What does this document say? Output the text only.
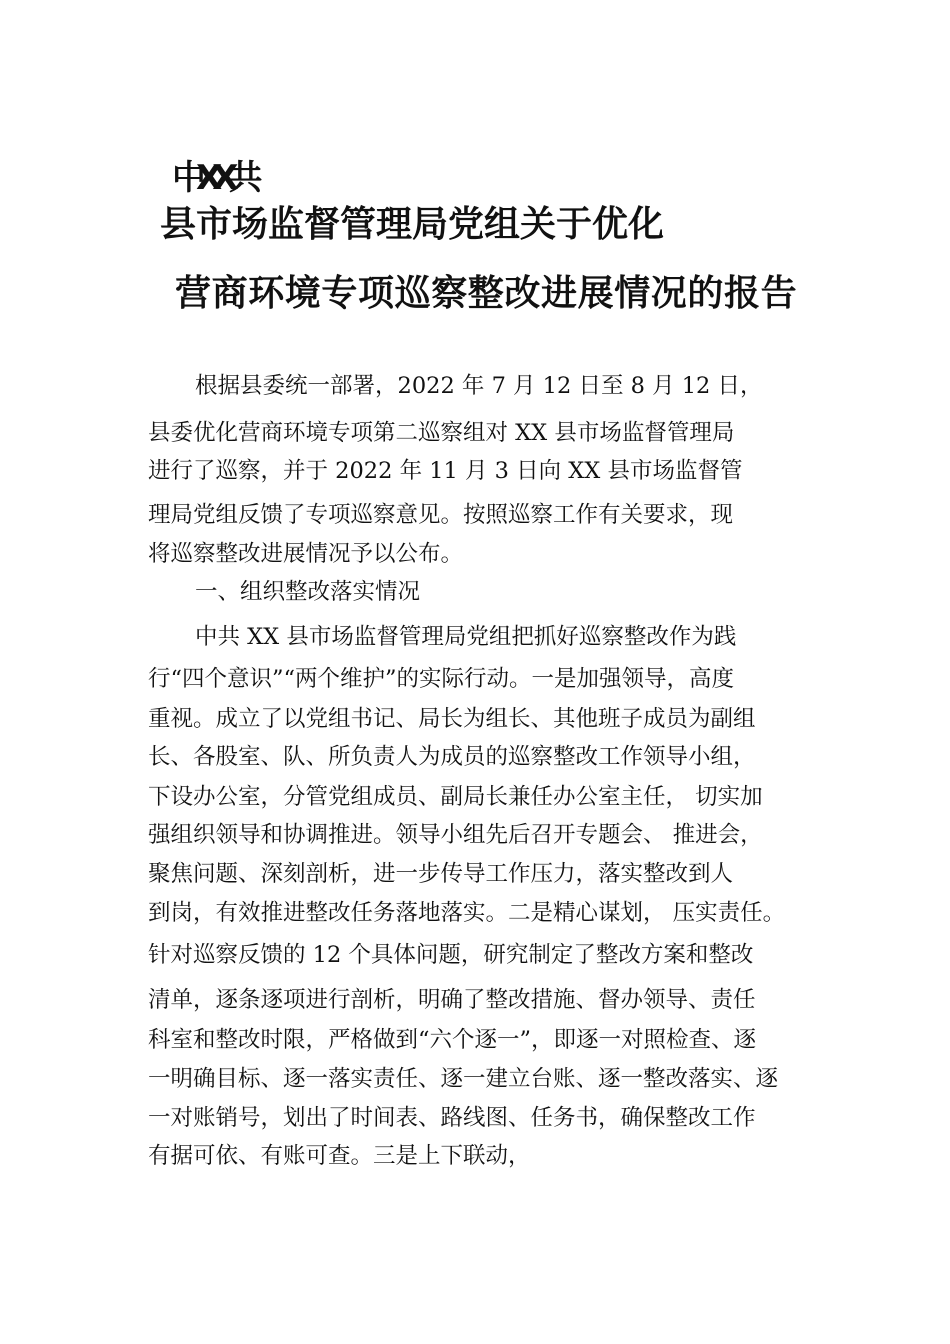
中XX共
县市场监督管理局党组关于优化
营商环境专项巡察整改进展情况的报告
根据县委统一部署，2022 年 7 月 12 日至 8 月 12 日，
县委优化营商环境专项第二巡察组对 XX 县市场监督管理局
进行了巡察，并于 2022 年 11 月 3 日向 XX 县市场监督管
理局党组反馈了专项巡察意见。按照巡察工作有关要求，现
将巡察整改进展情况予以公布。
一、组织整改落实情况
中共 XX 县市场监督管理局党组把抓好巡察整改作为践
行“四个意识”“两个维护”的实际行动。一是加强领导，高度
重视。成立了以党组书记、局长为组长、其他班子成员为副组
长、各股室、队、所负责人为成员的巡察整改工作领导小组，
下设办公室，分管党组成员、副局长兼任办公室主任， 切实加
强组织领导和协调推进。领导小组先后召开专题会、 推进会，
聚焦问题、深刻剖析，进一步传导工作压力，落实整改到人
到岗，有效推进整改任务落地落实。二是精心谋划， 压实责任。
针对巡察反馈的 12 个具体问题，研究制定了整改方案和整改
清单，逐条逐项进行剖析，明确了整改措施、督办领导、责任
科室和整改时限，严格做到“六个逐一”，即逐一对照检查、逐
一明确目标、逐一落实责任、逐一建立台账、逐一整改落实、逐
一对账销号，划出了时间表、路线图、任务书，确保整改工作
有据可依、有账可查。三是上下联动，
